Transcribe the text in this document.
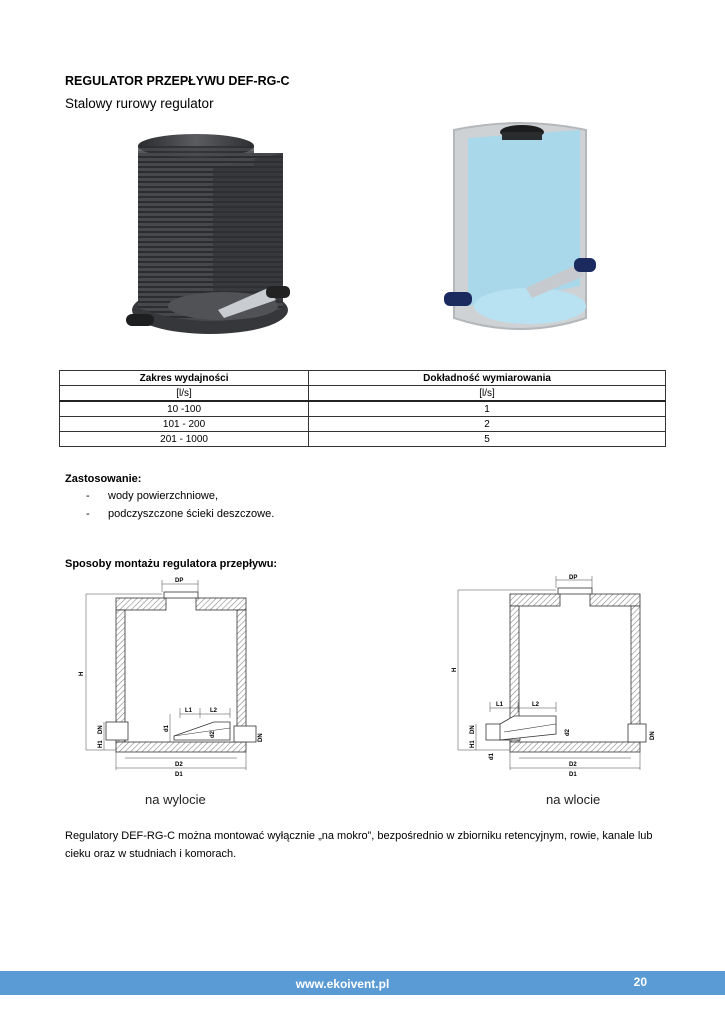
REGULATOR PRZEPŁYWU DEF-RG-C
Stalowy rurowy regulator
Zakres wydajności	Dokładność wymiarowania
[l/s]	[l/s]
10 -100	1
101 - 200	2
201 - 1000	5
Zastosowanie:
- wody powierzchniowe,
- podczyszczone ścieki deszczowe.
Sposoby montażu regulatora przepływu:
DP
H
H1
DN
DN
d1
d2
L1	L2
D2
D1
DP
H
H1
DN
d1
d2	DN
L1	L2
D2
D1
na wylocie	na wlocie
Regulatory DEF-RG-C można montować wyłącznie „na mokro”, bezpośrednio w zbiorniku retencyjnym, rowie, kanale lub cieku oraz w studniach i komorach.
www.ekoivent.pl	20
